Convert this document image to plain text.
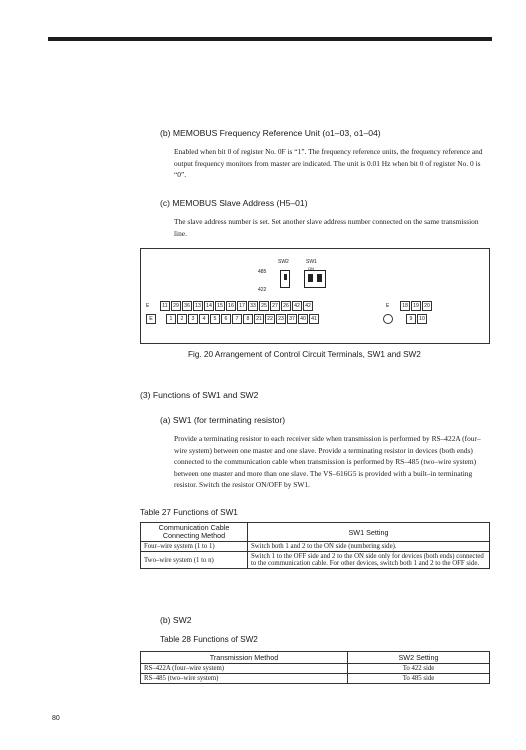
(b) MEMOBUS Frequency Reference Unit (o1–03, o1–04)
Enabled when bit 0 of register No. 0F is “1”. The frequency reference units, the frequency reference and output frequency monitors from master are indicated. The unit is 0.01 Hz when bit 0 of register No. 0 is “0”.
(c) MEMOBUS Slave Address (H5–01)
The slave address number is set. Set another slave address number connected on the same transmission line.
SW2	SW1
485
422
ON
E	11	29	36	13	14	15	16	17	33	25	27	26	42	42	E	18	19	20
E	1	2	3	4	5	6	7	8	21	22	23	37	40	41	9	10
Fig. 20 Arrangement of Control Circuit Terminals, SW1 and SW2
(3) Functions of SW1 and SW2
(a) SW1 (for terminating resistor)
Provide a terminating resistor to each receiver side when transmission is performed by RS–422A (four–wire system) between one master and one slave. Provide a terminating resistor in devices (both ends) connected to the communication cable when transmission is performed by RS–485 (two–wire system) between one master and more than one slave. The VS–616G5 is provided with a built–in terminating resistor. Switch the resistor ON/OFF by SW1.
Table 27 Functions of SW1
Communication Cable Connecting Method	SW1 Setting
Four–wire system (1 to 1)	Switch both 1 and 2 to the ON side (numbering side).
Two–wire system (1 to n)	Switch 1 to the OFF side and 2 to the ON side only for devices (both ends) connected to the communication cable. For other devices, switch both 1 and 2 to the OFF side.
(b) SW2
Table 28 Functions of SW2
Transmission Method	SW2 Setting
RS–422A (four–wire system)	To 422 side
RS–485 (two–wire system)	To 485 side
80
